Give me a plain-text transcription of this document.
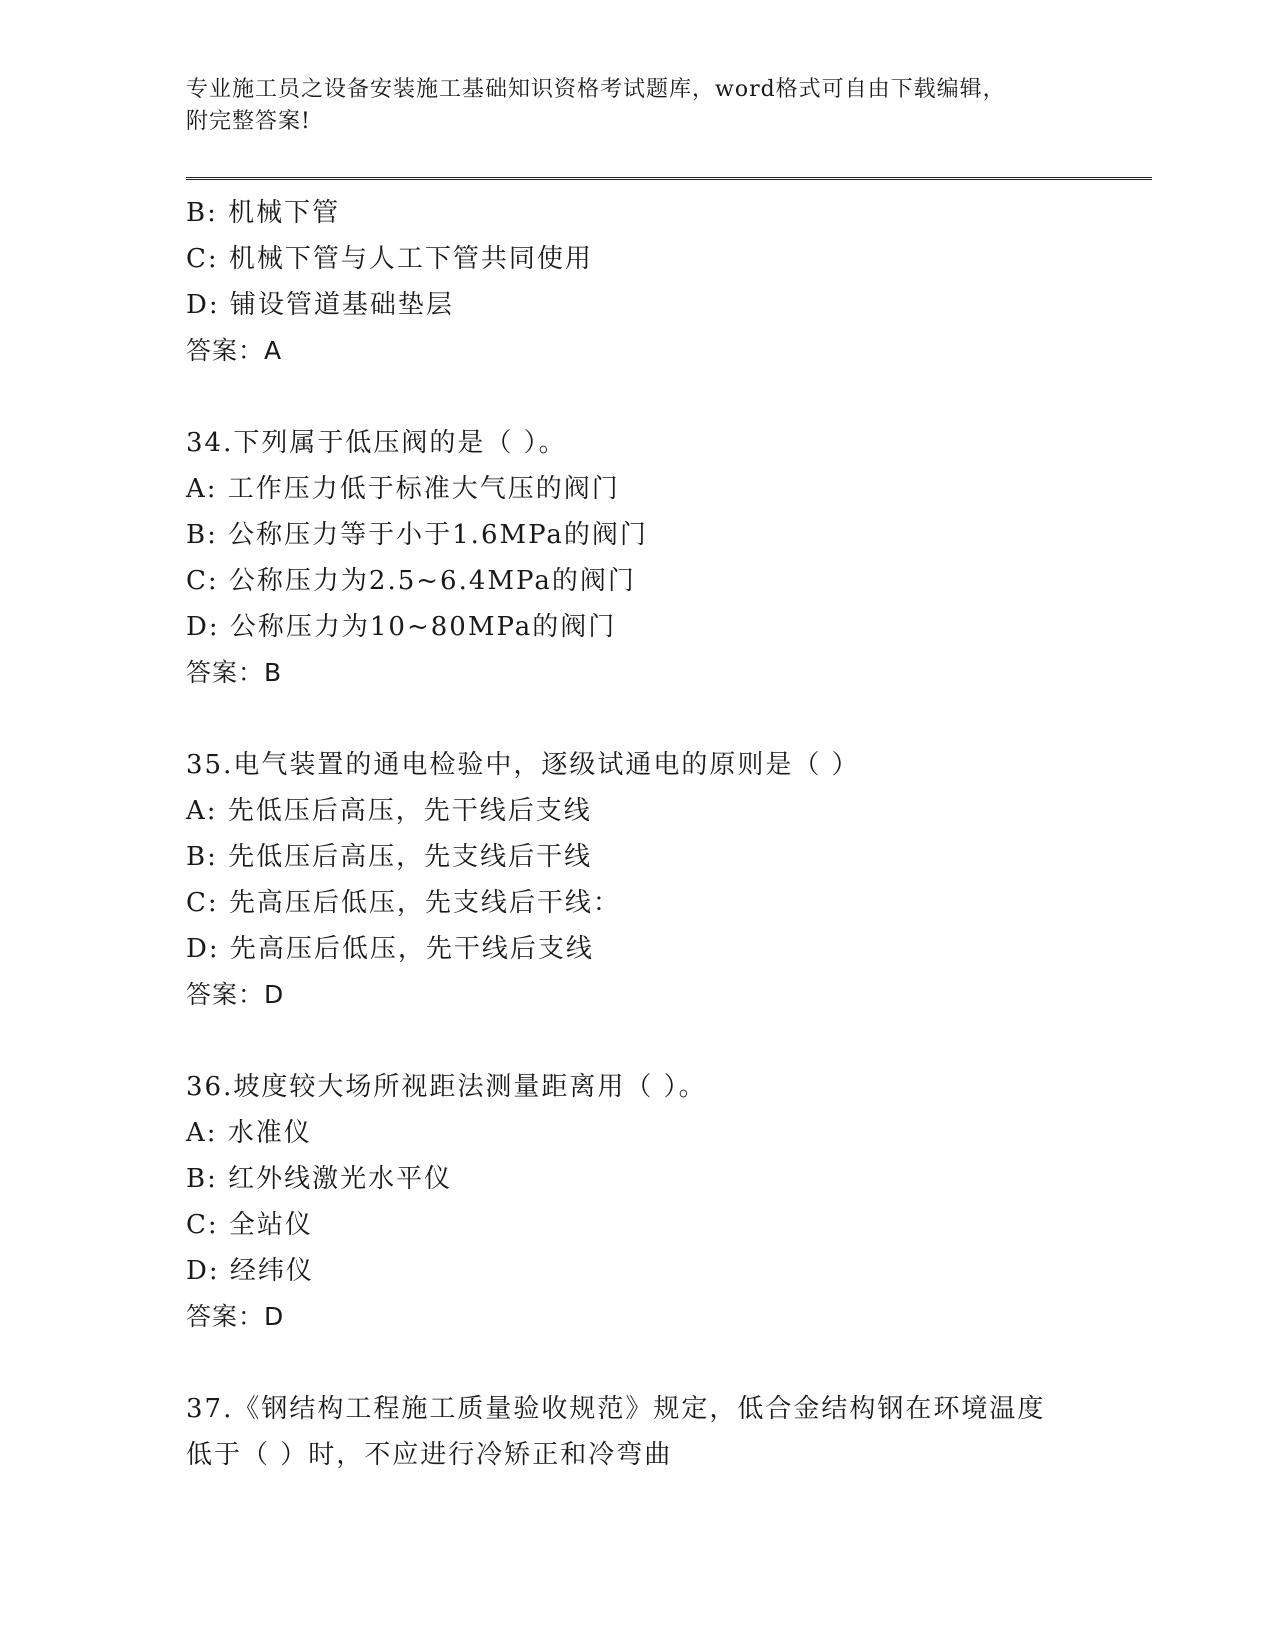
专业施工员之设备安装施工基础知识资格考试题库，word格式可自由下载编辑，
附完整答案!
B: 机械下管
C: 机械下管与人工下管共同使用
D: 铺设管道基础垫层
答案：A
34.下列属于低压阀的是（ ）。
A: 工作压力低于标准大气压的阀门
B: 公称压力等于小于1.6MPa的阀门
C: 公称压力为2.5~6.4MPa的阀门
D: 公称压力为10~80MPa的阀门
答案：B
35.电气装置的通电检验中，逐级试通电的原则是（ ）
A: 先低压后高压，先干线后支线
B: 先低压后高压，先支线后干线
C: 先高压后低压，先支线后干线：
D: 先高压后低压，先干线后支线
答案：D
36.坡度较大场所视距法测量距离用（ ）。
A: 水准仪
B: 红外线激光水平仪
C: 全站仪
D: 经纬仪
答案：D
37.《钢结构工程施工质量验收规范》规定，低合金结构钢在环境温度
低于（ ）时，不应进行冷矫正和冷弯曲
